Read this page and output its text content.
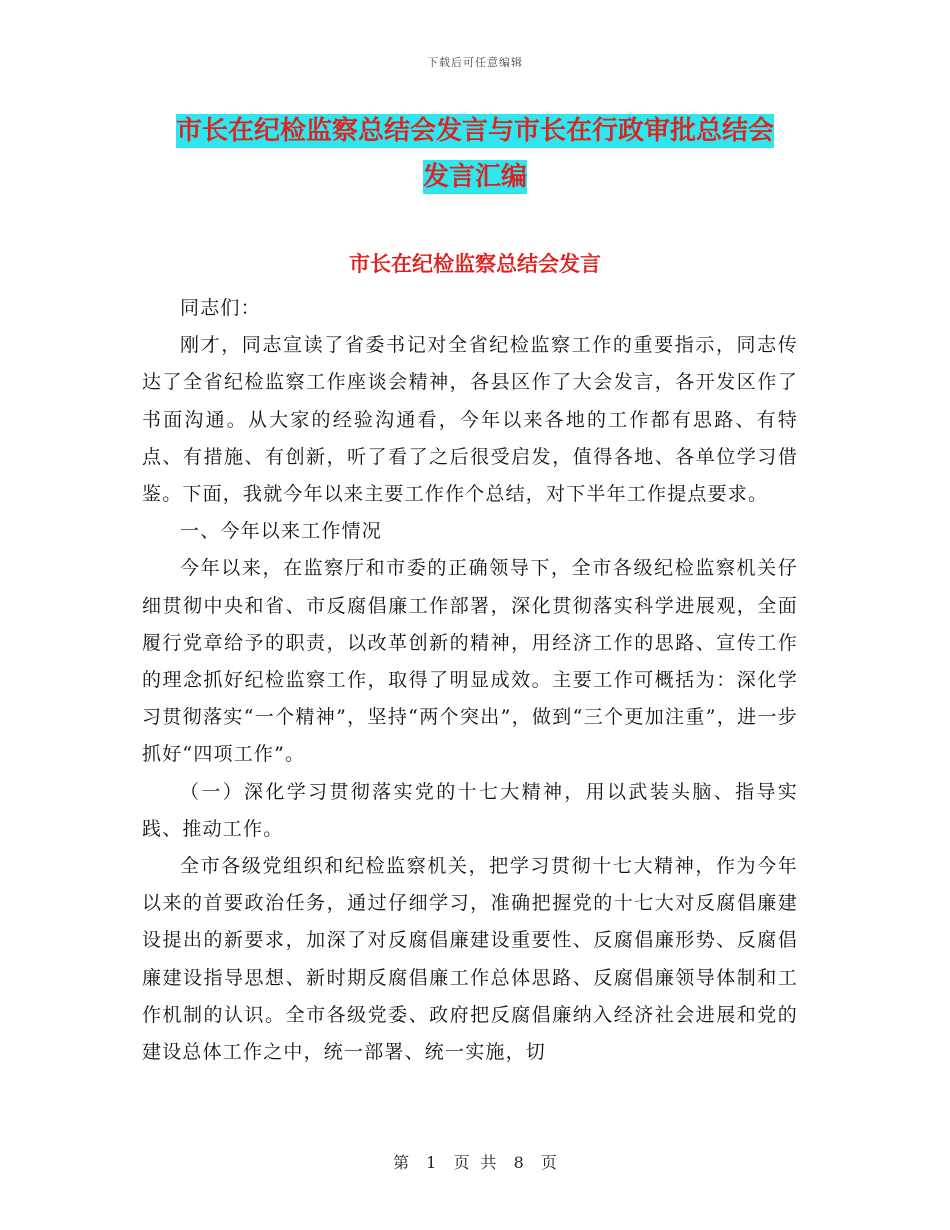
下载后可任意编辑
市长在纪检监察总结会发言与市长在行政审批总结会
发言汇编
市长在纪检监察总结会发言

同志们：

刚才，同志宣读了省委书记对全省纪检监察工作的重要指示，同志传达了全省纪检监察工作座谈会精神，各县区作了大会发言，各开发区作了书面沟通。从大家的经验沟通看，今年以来各地的工作都有思路、有特点、有措施、有创新，听了看了之后很受启发，值得各地、各单位学习借鉴。下面，我就今年以来主要工作作个总结，对下半年工作提点要求。

一、今年以来工作情况

今年以来，在监察厅和市委的正确领导下，全市各级纪检监察机关仔细贯彻中央和省、市反腐倡廉工作部署，深化贯彻落实科学进展观，全面履行党章给予的职责，以改革创新的精神，用经济工作的思路、宣传工作的理念抓好纪检监察工作，取得了明显成效。主要工作可概括为：深化学习贯彻落实“一个精神”，坚持“两个突出”，做到“三个更加注重”，进一步抓好“四项工作”。

（一）深化学习贯彻落实党的十七大精神，用以武装头脑、指导实践、推动工作。

全市各级党组织和纪检监察机关，把学习贯彻十七大精神，作为今年以来的首要政治任务，通过仔细学习，准确把握党的十七大对反腐倡廉建设提出的新要求，加深了对反腐倡廉建设重要性、反腐倡廉形势、反腐倡廉建设指导思想、新时期反腐倡廉工作总体思路、反腐倡廉领导体制和工作机制的认识。全市各级党委、政府把反腐倡廉纳入经济社会进展和党的建设总体工作之中，统一部署、统一实施，切

第 1 页 共 8 页
